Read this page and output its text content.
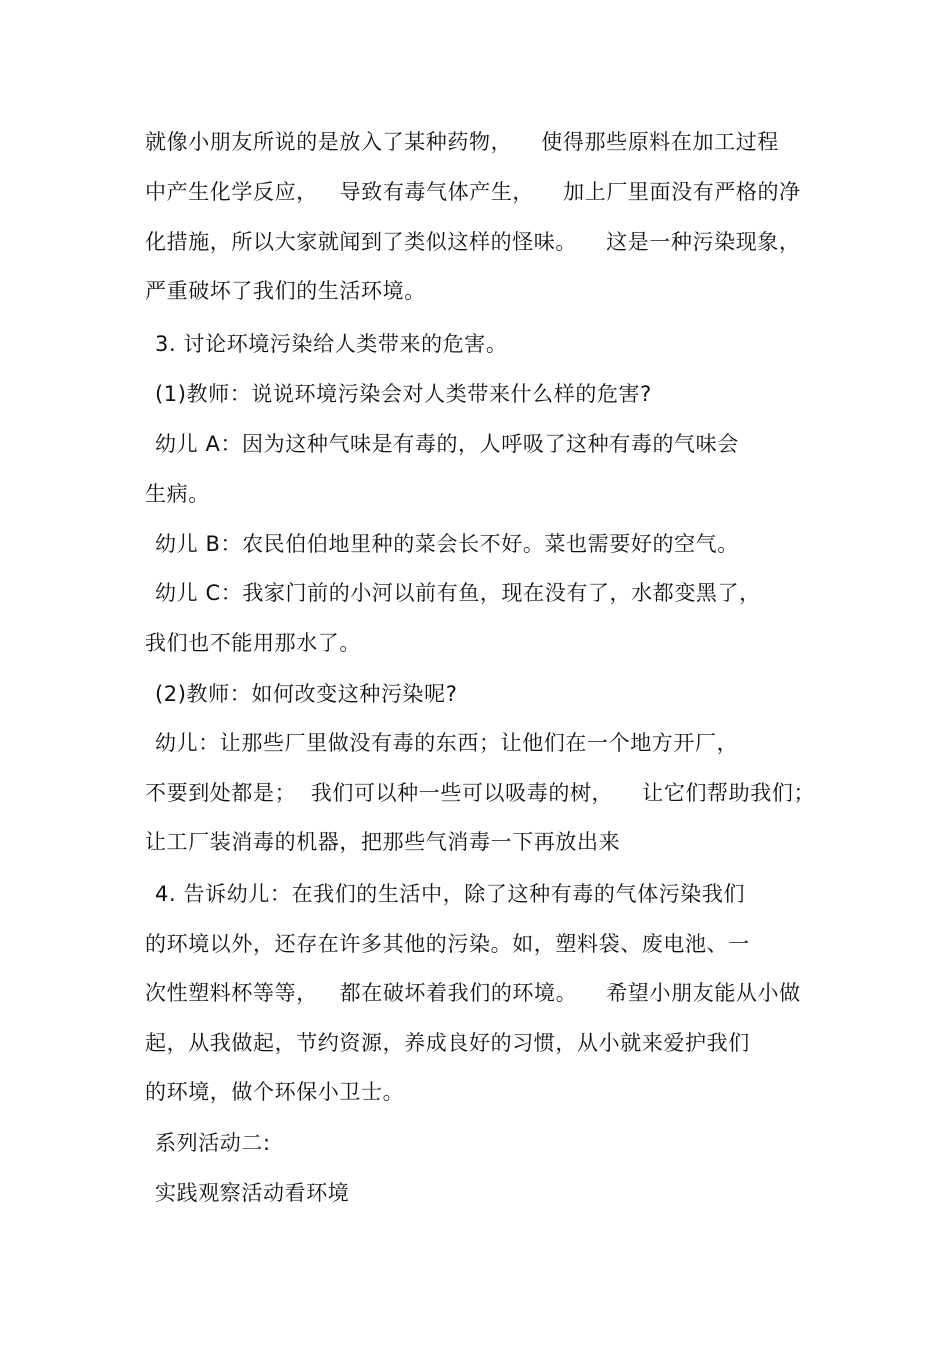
就像小朋友所说的是放入了某种药物，    使得那些原料在加工过程
中产生化学反应，   导致有毒气体产生，    加上厂里面没有严格的净
化措施，所以大家就闻到了类似这样的怪味。    这是一种污染现象，
严重破坏了我们的生活环境。
3. 讨论环境污染给人类带来的危害。
(1)教师：说说环境污染会对人类带来什么样的危害?
幼儿 A：因为这种气味是有毒的，人呼吸了这种有毒的气味会
生病。
幼儿 B：农民伯伯地里种的菜会长不好。菜也需要好的空气。
幼儿 C：我家门前的小河以前有鱼，现在没有了，水都变黑了，
我们也不能用那水了。
(2)教师：如何改变这种污染呢?
幼儿：让那些厂里做没有毒的东西；让他们在一个地方开厂，
不要到处都是；  我们可以种一些可以吸毒的树，    让它们帮助我们；
让工厂装消毒的机器，把那些气消毒一下再放出来
4. 告诉幼儿：在我们的生活中，除了这种有毒的气体污染我们
的环境以外，还存在许多其他的污染。如，塑料袋、废电池、一
次性塑料杯等等，   都在破坏着我们的环境。    希望小朋友能从小做
起，从我做起，节约资源，养成良好的习惯，从小就来爱护我们
的环境，做个环保小卫士。
系列活动二:
实践观察活动看环境
